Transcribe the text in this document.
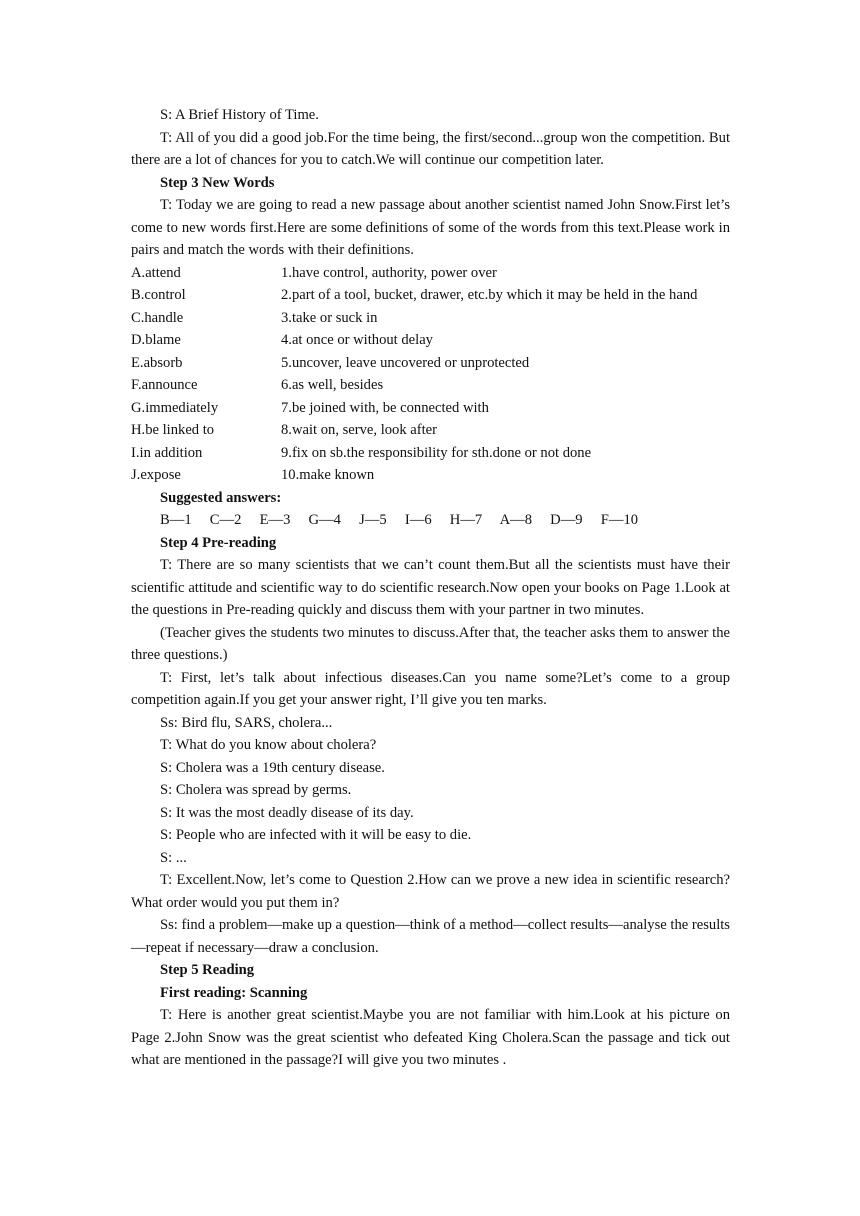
S: A Brief History of Time.

T: All of you did a good job.For the time being, the first/second...group won the competition. But there are a lot of chances for you to catch.We will continue our competition later.

Step 3 New Words

T: Today we are going to read a new passage about another scientist named John Snow.First let’s come to new words first.Here are some definitions of some of the words from this text.Please work in pairs and match the words with their definitions.

A.attend	1.have control, authority, power over
B.control	2.part of a tool, bucket, drawer, etc.by which it may be held in the hand
C.handle	3.take or suck in
D.blame	4.at once or without delay
E.absorb	5.uncover, leave uncovered or unprotected
F.announce	6.as well, besides
G.immediately	7.be joined with, be connected with
H.be linked to	8.wait on, serve, look after
I.in addition	9.fix on sb.the responsibility for sth.done or not done
J.expose	10.make known

Suggested answers:

B—1 C—2 E—3 G—4 J—5 I—6 H—7 A—8 D—9 F—10

Step 4 Pre-reading

T: There are so many scientists that we can’t count them.But all the scientists must have their scientific attitude and scientific way to do scientific research.Now open your books on Page 1.Look at the questions in Pre-reading quickly and discuss them with your partner in two minutes.

(Teacher gives the students two minutes to discuss.After that, the teacher asks them to answer the three questions.)

T: First, let’s talk about infectious diseases.Can you name some?Let’s come to a group competition again.If you get your answer right, I’ll give you ten marks.

Ss: Bird flu, SARS, cholera...

T: What do you know about cholera?

S: Cholera was a 19th century disease.

S: Cholera was spread by germs.

S: It was the most deadly disease of its day.

S: People who are infected with it will be easy to die.

S: ...

T: Excellent.Now, let’s come to Question 2.How can we prove a new idea in scientific research?What order would you put them in?

Ss: find a problem—make up a question—think of a method—collect results—analyse the results—repeat if necessary—draw a conclusion.

Step 5 Reading

First reading: Scanning

T: Here is another great scientist.Maybe you are not familiar with him.Look at his picture on Page 2.John Snow was the great scientist who defeated King Cholera.Scan the passage and tick out what are mentioned in the passage?I will give you two minutes .
